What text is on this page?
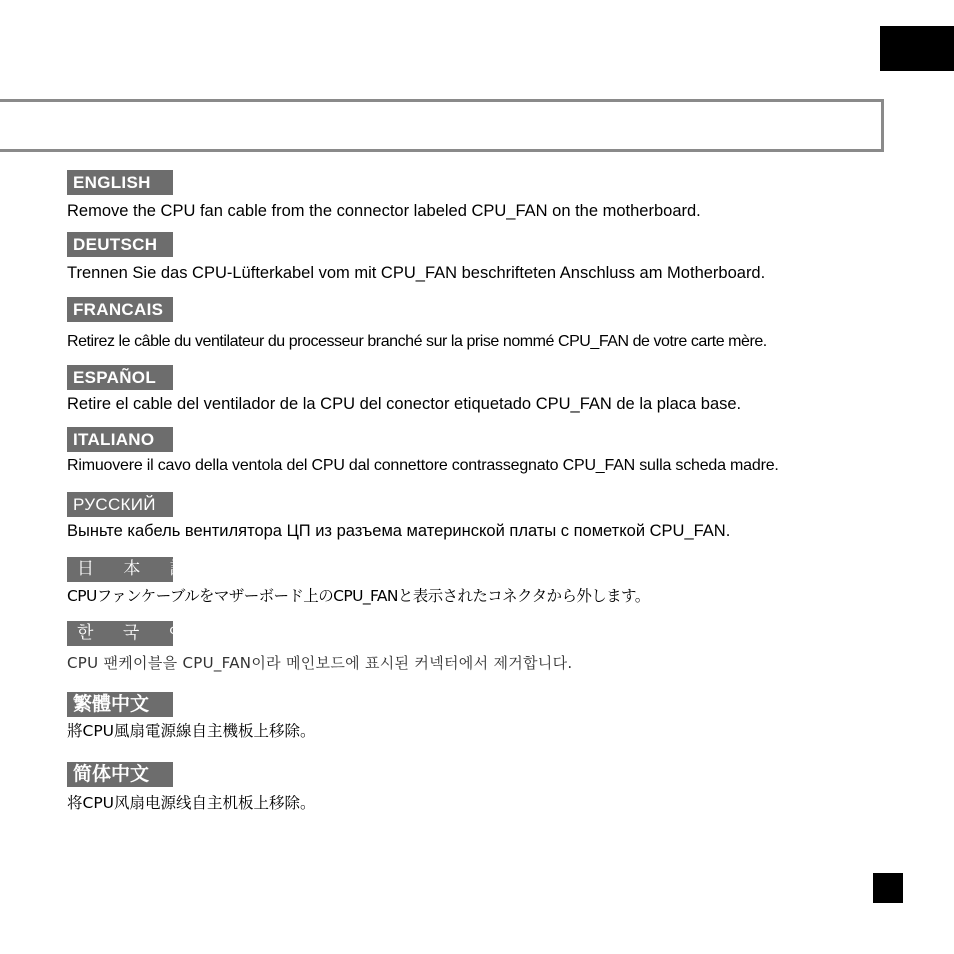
ENGLISH
Remove the CPU fan cable from the connector labeled CPU_FAN on the motherboard.
DEUTSCH
Trennen Sie das CPU-Lüfterkabel vom mit CPU_FAN beschrifteten Anschluss am Motherboard.
FRANCAIS
Retirez le câble du ventilateur du processeur branché sur la prise nommé CPU_FAN de votre carte mère.
ESPAÑOL
Retire el cable del ventilador de la CPU del conector etiquetado CPU_FAN de la placa base.
ITALIANO
Rimuovere il cavo della ventola del CPU dal connettore contrassegnato CPU_FAN sulla scheda madre.
РУССКИЙ
Выньте кабель вентилятора ЦП из разъема материнской платы с пометкой CPU_FAN.
日 本 語
CPUファンケーブルをマザーボード上のCPU_FANと表示されたコネクタから外します。
한 국 어
CPU 팬케이블을 CPU_FAN이라 메인보드에 표시된 커넥터에서 제거합니다.
繁體中文
將CPU風扇電源線自主機板上移除。
简体中文
将CPU风扇电源线自主机板上移除。
